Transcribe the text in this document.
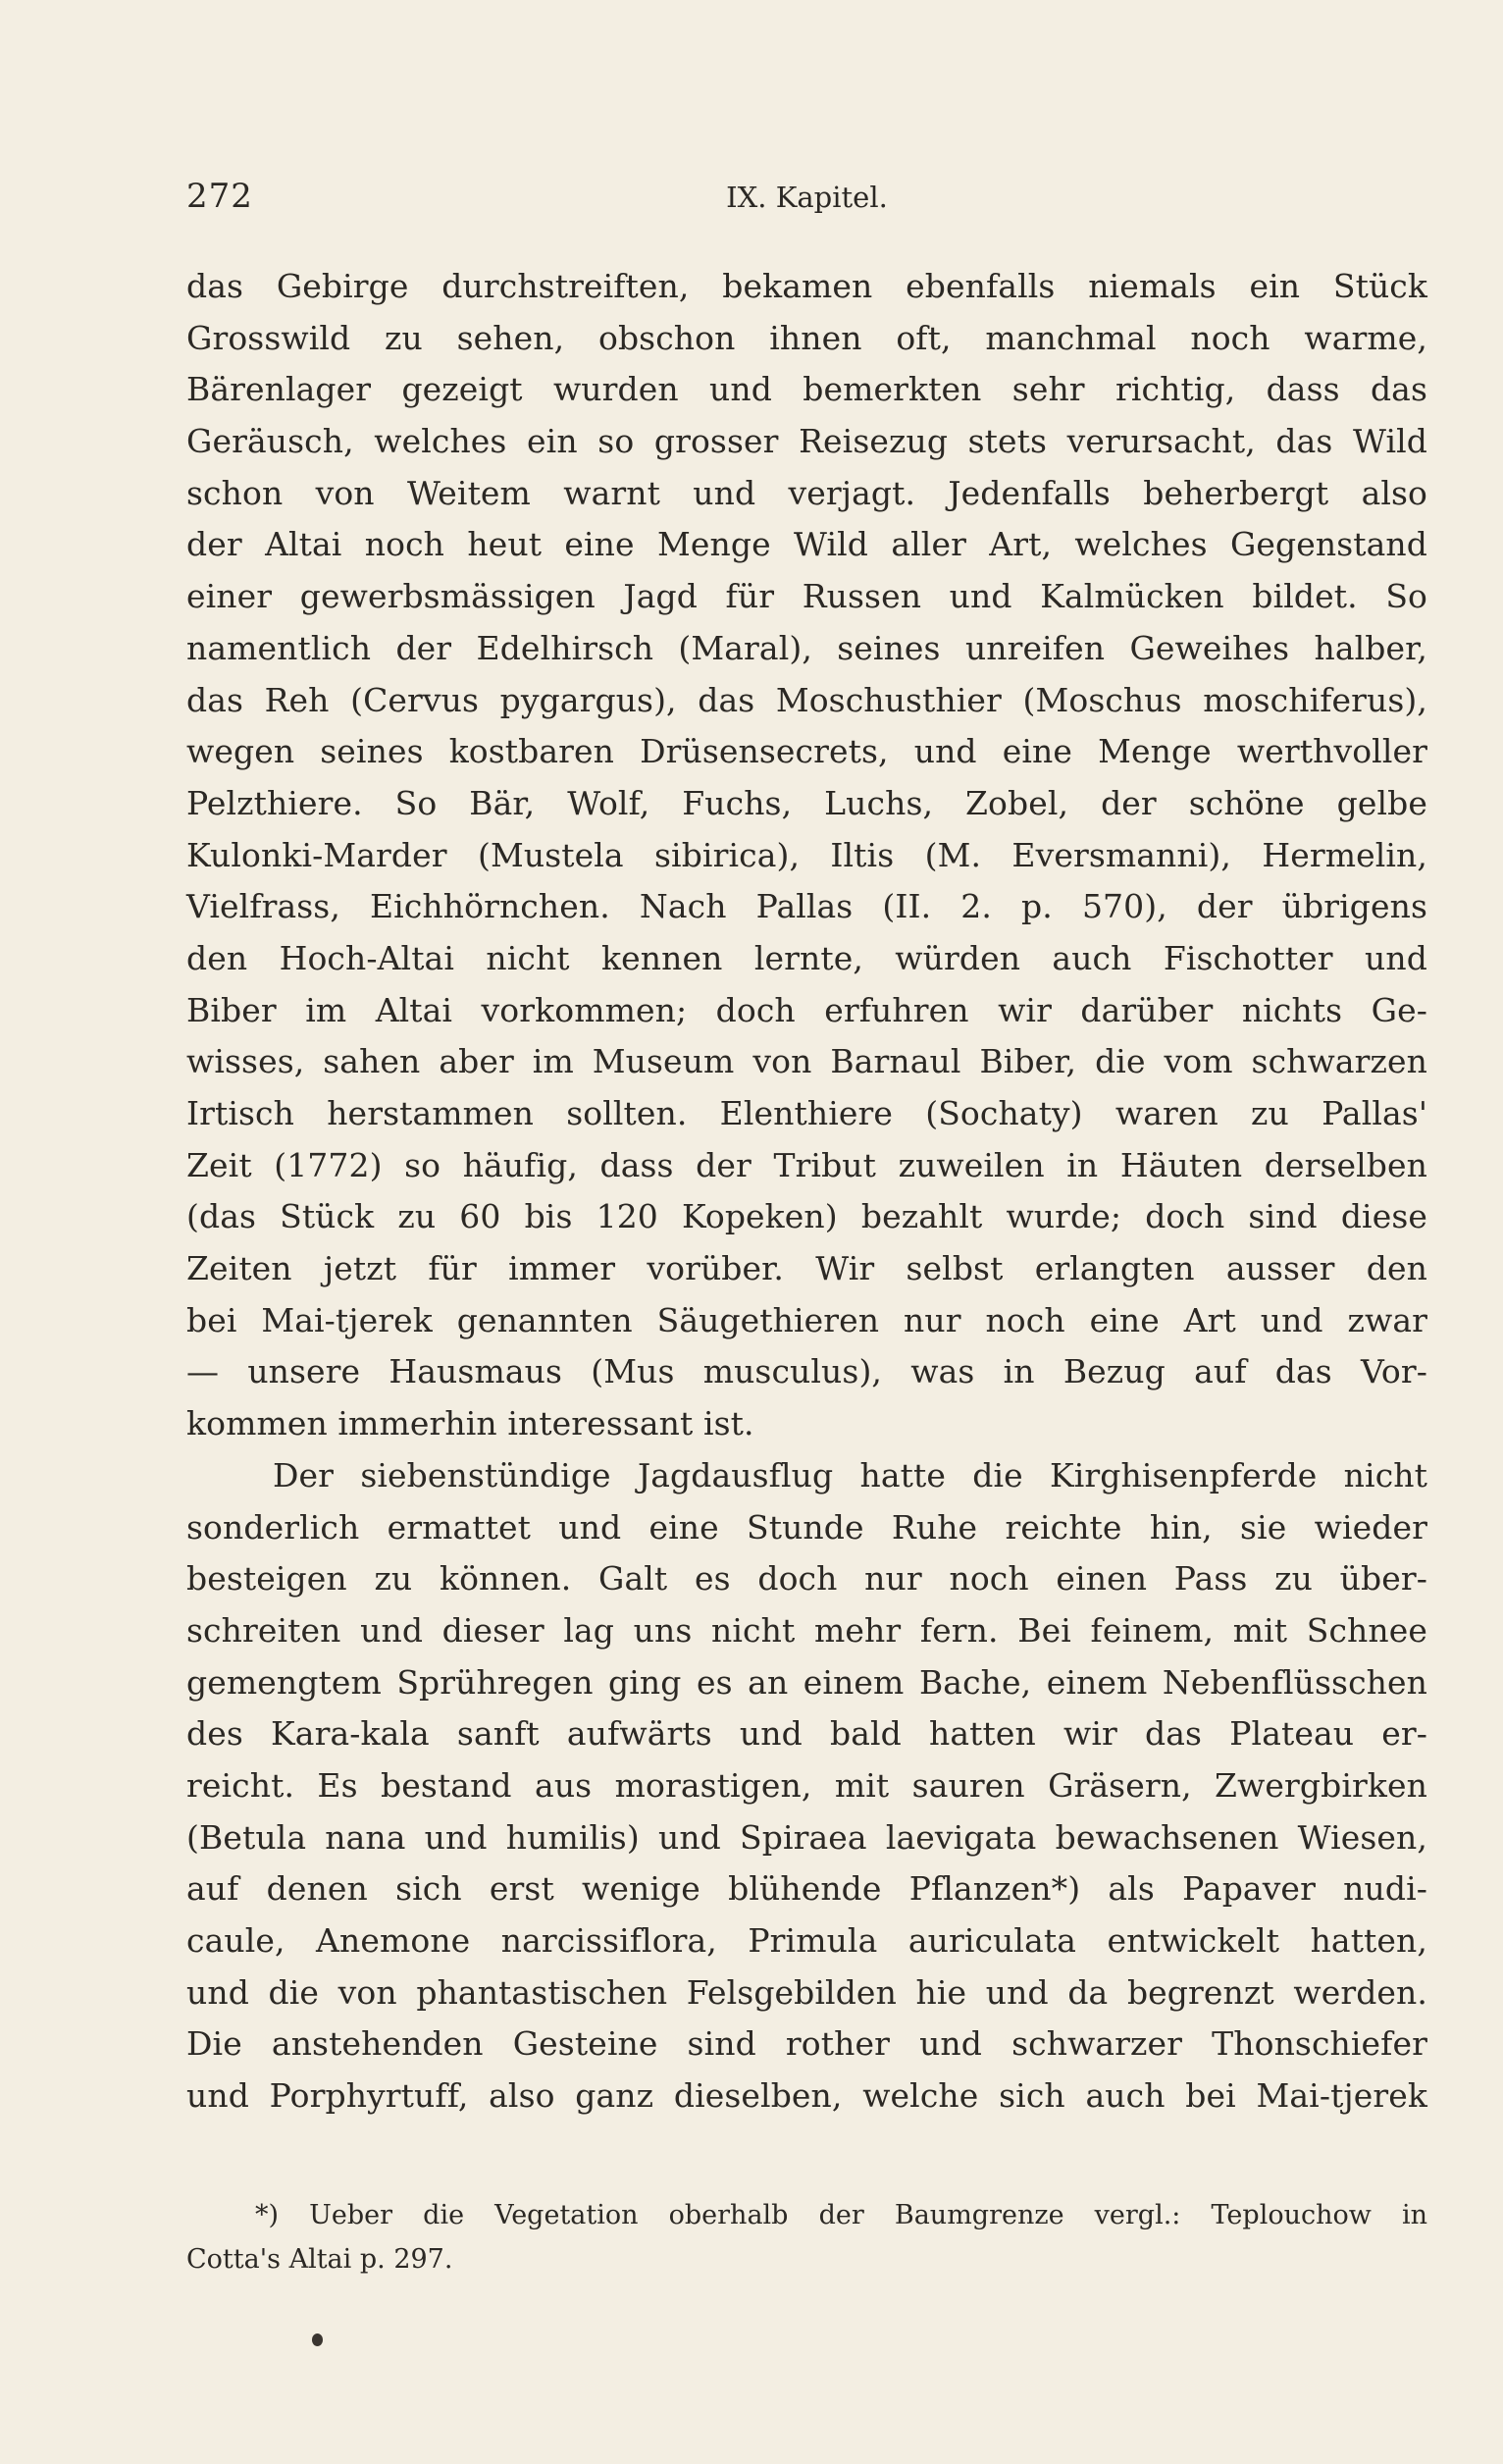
272	IX. Kapitel.
das Gebirge durchstreiften, bekamen ebenfalls niemals ein Stück
Grosswild zu sehen, obschon ihnen oft, manchmal noch warme,
Bärenlager gezeigt wurden und bemerkten sehr richtig, dass das
Geräusch, welches ein so grosser Reisezug stets verursacht, das Wild
schon von Weitem warnt und verjagt. Jedenfalls beherbergt also
der Altai noch heut eine Menge Wild aller Art, welches Gegenstand
einer gewerbsmässigen Jagd für Russen und Kalmücken bildet. So
namentlich der Edelhirsch (Maral), seines unreifen Geweihes halber,
das Reh (Cervus pygargus), das Moschusthier (Moschus moschiferus),
wegen seines kostbaren Drüsensecrets, und eine Menge werthvoller
Pelzthiere. So Bär, Wolf, Fuchs, Luchs, Zobel, der schöne gelbe
Kulonki-Marder (Mustela sibirica), Iltis (M. Eversmanni), Hermelin,
Vielfrass, Eichhörnchen. Nach Pallas (II. 2. p. 570), der übrigens
den Hoch-Altai nicht kennen lernte, würden auch Fischotter und
Biber im Altai vorkommen; doch erfuhren wir darüber nichts Ge-
wisses, sahen aber im Museum von Barnaul Biber, die vom schwarzen
Irtisch herstammen sollten. Elenthiere (Sochaty) waren zu Pallas'
Zeit (1772) so häufig, dass der Tribut zuweilen in Häuten derselben
(das Stück zu 60 bis 120 Kopeken) bezahlt wurde; doch sind diese
Zeiten jetzt für immer vorüber. Wir selbst erlangten ausser den
bei Mai-tjerek genannten Säugethieren nur noch eine Art und zwar
— unsere Hausmaus (Mus musculus), was in Bezug auf das Vor-
kommen immerhin interessant ist.
Der siebenstündige Jagdausflug hatte die Kirghisenpferde nicht
sonderlich ermattet und eine Stunde Ruhe reichte hin, sie wieder
besteigen zu können. Galt es doch nur noch einen Pass zu über-
schreiten und dieser lag uns nicht mehr fern. Bei feinem, mit Schnee
gemengtem Sprühregen ging es an einem Bache, einem Nebenflüsschen
des Kara-kala sanft aufwärts und bald hatten wir das Plateau er-
reicht. Es bestand aus morastigen, mit sauren Gräsern, Zwergbirken
(Betula nana und humilis) und Spiraea laevigata bewachsenen Wiesen,
auf denen sich erst wenige blühende Pflanzen*) als Papaver nudi-
caule, Anemone narcissiflora, Primula auriculata entwickelt hatten,
und die von phantastischen Felsgebilden hie und da begrenzt werden.
Die anstehenden Gesteine sind rother und schwarzer Thonschiefer
und Porphyrtuff, also ganz dieselben, welche sich auch bei Mai-tjerek
*) Ueber die Vegetation oberhalb der Baumgrenze vergl.: Teplouchow in
Cotta's Altai p. 297.
